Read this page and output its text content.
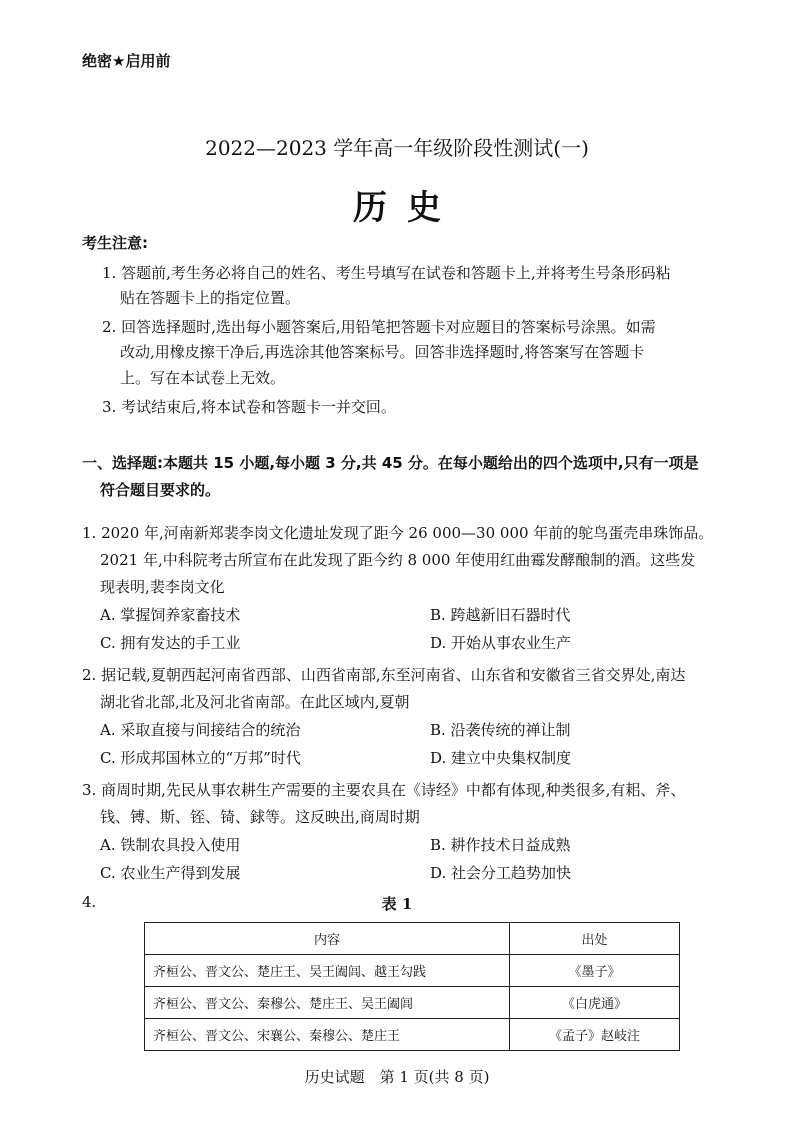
绝密★启用前
2022—2023 学年高一年级阶段性测试(一)
历史
考生注意:
1. 答题前,考生务必将自己的姓名、考生号填写在试卷和答题卡上,并将考生号条形码粘
贴在答题卡上的指定位置。
2. 回答选择题时,选出每小题答案后,用铅笔把答题卡对应题目的答案标号涂黑。如需
改动,用橡皮擦干净后,再选涂其他答案标号。回答非选择题时,将答案写在答题卡
上。写在本试卷上无效。
3. 考试结束后,将本试卷和答题卡一并交回。
一、选择题:本题共 15 小题,每小题 3 分,共 45 分。在每小题给出的四个选项中,只有一项是
符合题目要求的。
1. 2020 年,河南新郑裴李岗文化遗址发现了距今 26 000—30 000 年前的鸵鸟蛋壳串珠饰品。
2021 年,中科院考古所宣布在此发现了距今约 8 000 年使用红曲霉发酵酿制的酒。这些发
现表明,裴李岗文化
A. 掌握饲养家畜技术	B. 跨越新旧石器时代
C. 拥有发达的手工业	D. 开始从事农业生产
2. 据记载,夏朝西起河南省西部、山西省南部,东至河南省、山东省和安徽省三省交界处,南达
湖北省北部,北及河北省南部。在此区域内,夏朝
A. 采取直接与间接结合的统治	B. 沿袭传统的禅让制
C. 形成邦国林立的“万邦”时代	D. 建立中央集权制度
3. 商周时期,先民从事农耕生产需要的主要农具在《诗经》中都有体现,种类很多,有耜、斧、
钱、镈、斯、铚、锜、銶等。这反映出,商周时期
A. 铁制农具投入使用	B. 耕作技术日益成熟
C. 农业生产得到发展	D. 社会分工趋势加快
4.	表 1
内容	出处
齐桓公、晋文公、楚庄王、吴王阖闾、越王勾践	《墨子》
齐桓公、晋文公、秦穆公、楚庄王、吴王阖闾	《白虎通》
齐桓公、晋文公、宋襄公、秦穆公、楚庄王	《孟子》赵岐注
历史试题　第 1 页(共 8 页)
